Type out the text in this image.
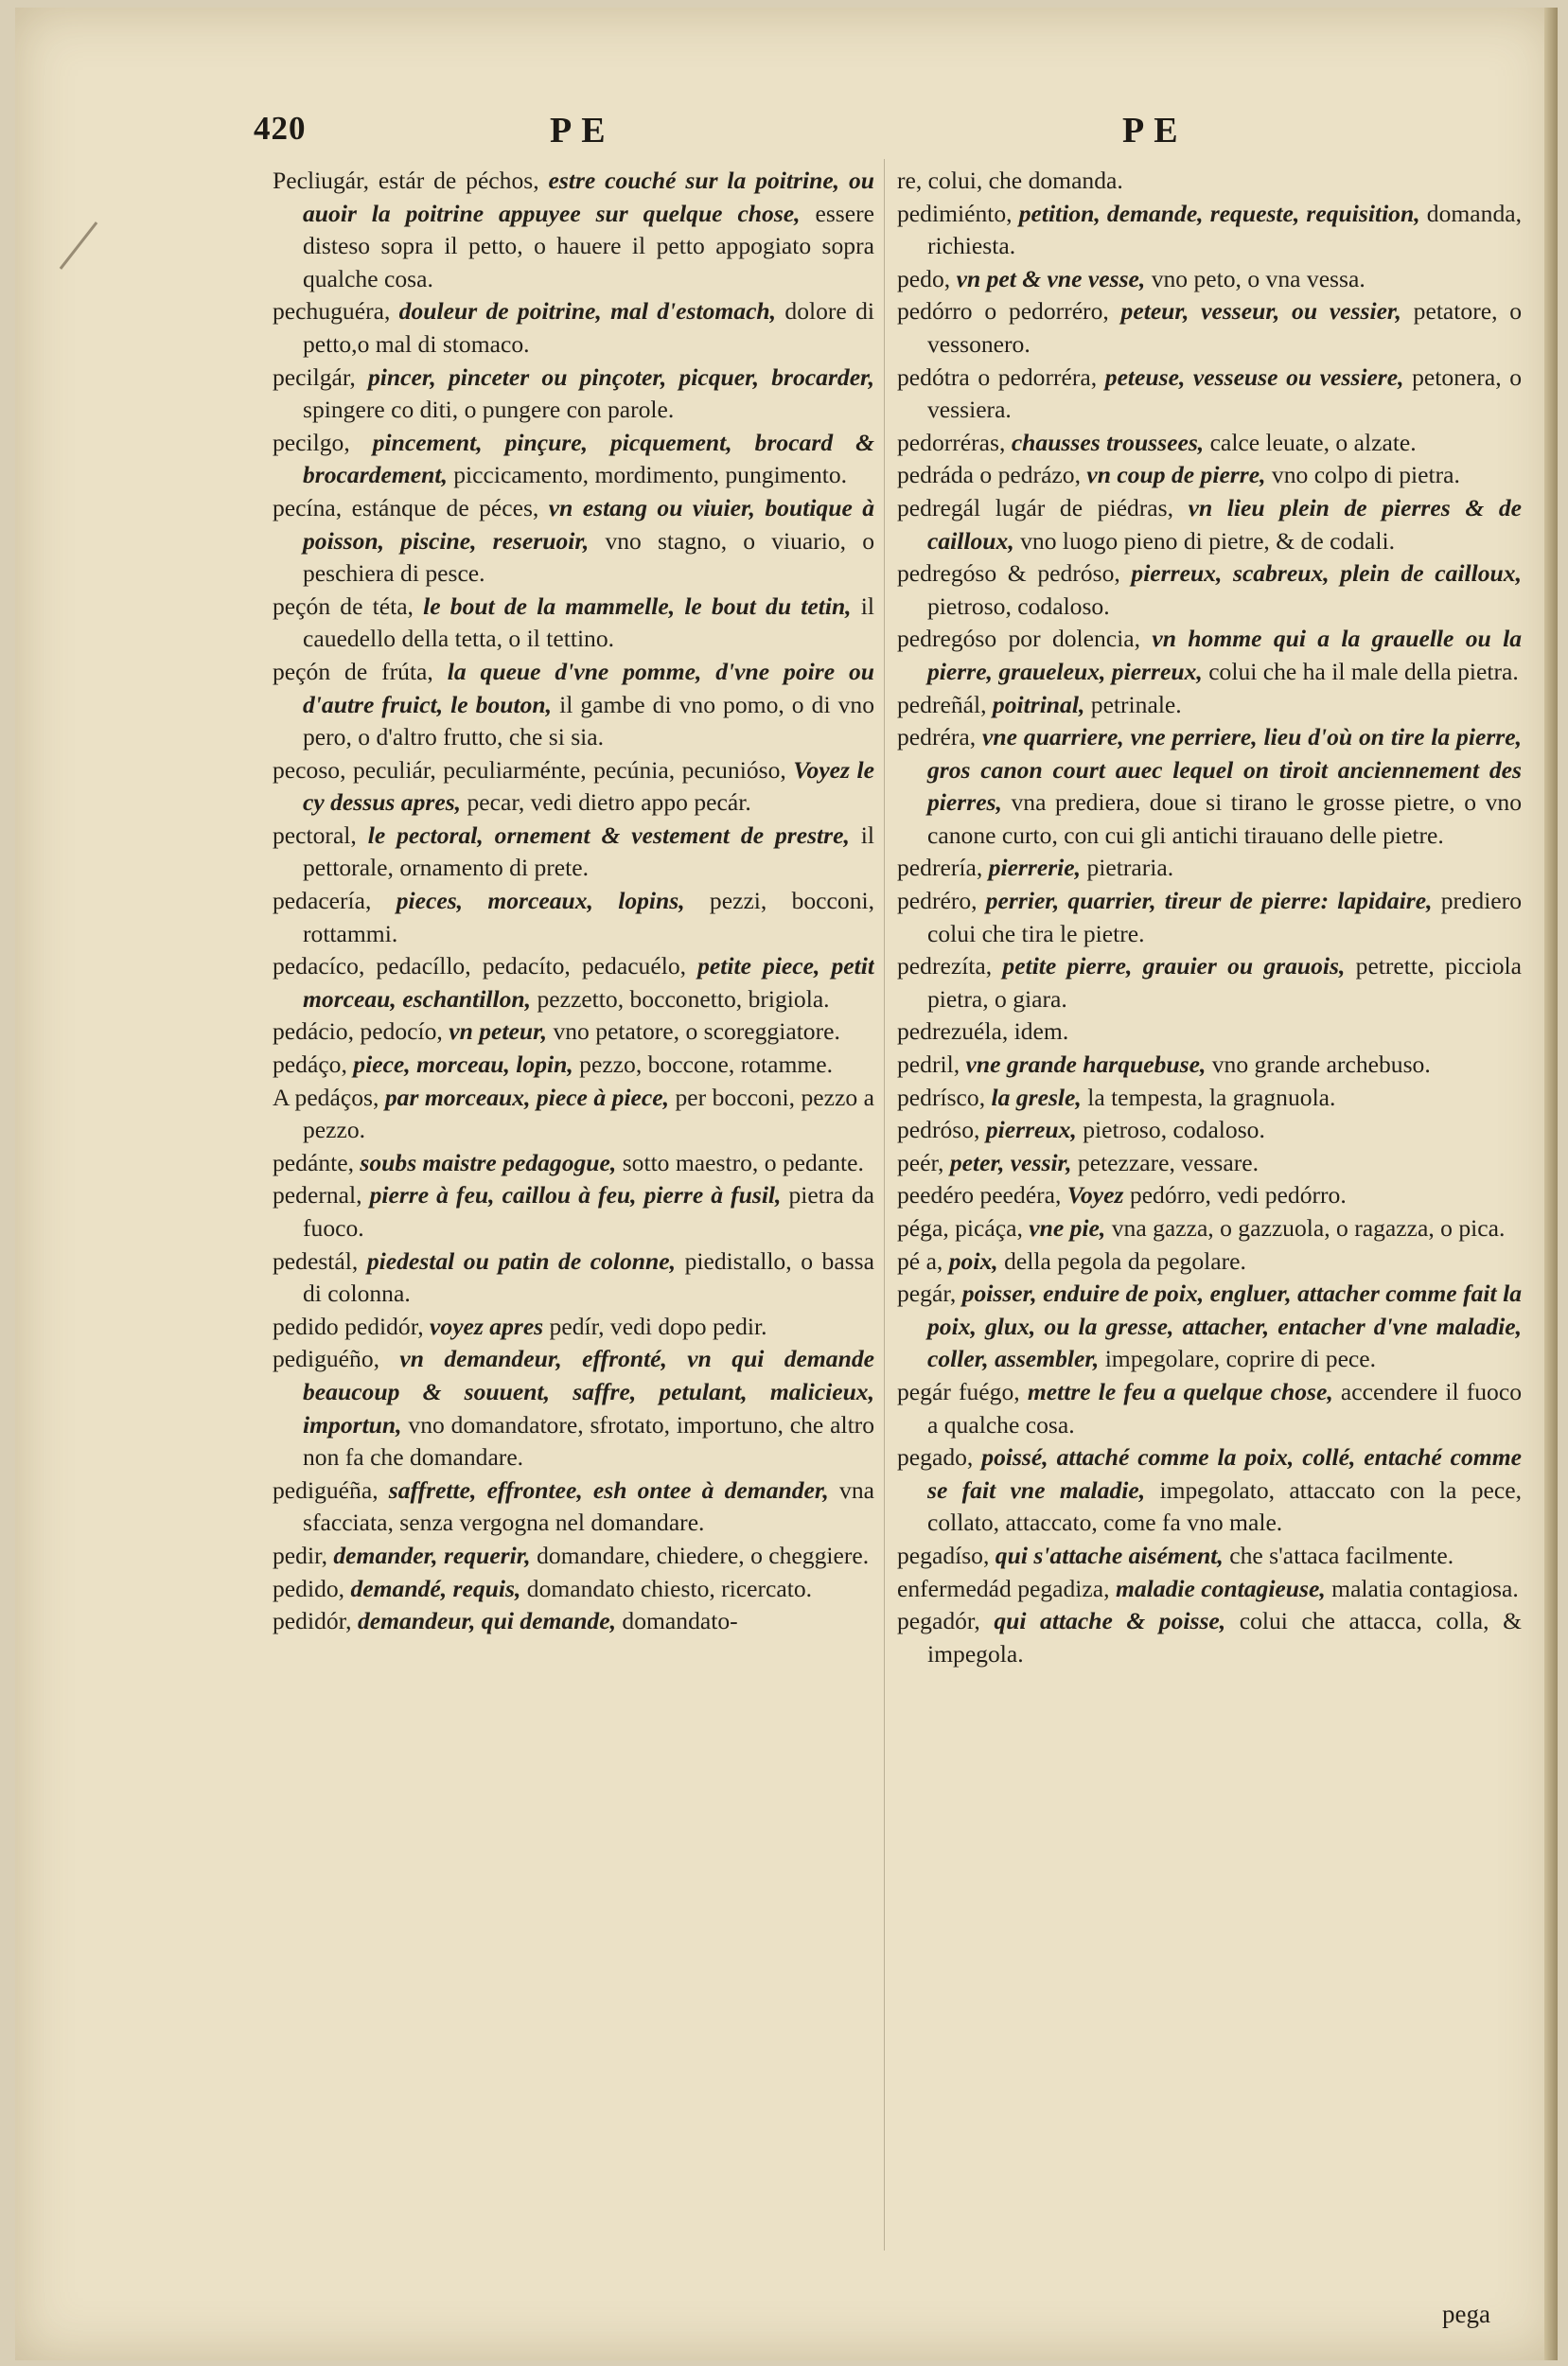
420	PE	PE

Pecliugár, estár de péchos, estre couché sur la poitrine, ou auoir la poitrine appuyee sur quelque chose, essere disteso sopra il petto, o hauere il petto appogiato sopra qualche cosa.

pechuguéra, douleur de poitrine, mal d'estomach, dolore di petto,o mal di stomaco.

pecilgár, pincer, pinceter ou pinçoter, picquer, brocarder, spingere co diti, o pungere con parole.

pecilgo, pincement, pinçure, picquement, brocard & brocardement, piccicamento, mordimento, pungimento.

pecína, estánque de péces, vn estang ou viuier, boutique à poisson, piscine, reseruoir, vno stagno, o viuario, o peschiera di pesce.

peçón de téta, le bout de la mammelle, le bout du tetin, il cauedello della tetta, o il tettino.

peçón de frúta, la queue d'vne pomme, d'vne poire ou d'autre fruict, le bouton, il gambe di vno pomo, o di vno pero, o d'altro frutto, che si sia.

pecoso, peculiár, peculiarménte, pecúnia, pecunióso, Voyez le cy dessus apres, pecar, vedi dietro appo pecár.

pectoral, le pectoral, ornement & vestement de prestre, il pettorale, ornamento di prete.

pedacería, pieces, morceaux, lopins, pezzi, bocconi, rottammi.

pedacíco, pedacíllo, pedacíto, pedacuélo, petite piece, petit morceau, eschantillon, pezzetto, bocconetto, brigiola.

pedácio, pedocío, vn peteur, vno petatore, o scoreggiatore.

pedáço, piece, morceau, lopin, pezzo, boccone, rotamme.

A pedáços, par morceaux, piece à piece, per bocconi, pezzo a pezzo.

pedánte, soubs maistre pedagogue, sotto maestro, o pedante.

pedernal, pierre à feu, caillou à feu, pierre à fusil, pietra da fuoco.

pedestál, piedestal ou patin de colonne, piedistallo, o bassa di colonna.

pedido pedidór, voyez apres pedír, vedi dopo pedir.

pediguéño, vn demandeur, effronté, vn qui demande beaucoup & souuent, saffre, petulant, malicieux, importun, vno domandatore, sfrotato, importuno, che altro non fa che domandare.

pediguéña, saffrette, effrontee, esh ontee à demander, vna sfacciata, senza vergogna nel domandare.

pedir, demander, requerir, domandare, chiedere, o cheggiere.

pedido, demandé, requis, domandato chiesto, ricercato.

pedidór, demandeur, qui demande, domandato-

re, colui, che domanda.

pedimiénto, petition, demande, requeste, requisition, domanda, richiesta.

pedo, vn pet & vne vesse, vno peto, o vna vessa.

pedórro o pedorréro, peteur, vesseur, ou vessier, petatore, o vessonero.

pedótra o pedorréra, peteuse, vesseuse ou vessiere, petonera, o vessiera.

pedorréras, chausses troussees, calce leuate, o alzate.

pedráda o pedrázo, vn coup de pierre, vno colpo di pietra.

pedregál lugár de piédras, vn lieu plein de pierres & de cailloux, vno luogo pieno di pietre, & de codali.

pedregóso & pedróso, pierreux, scabreux, plein de cailloux, pietroso, codaloso.

pedregóso por dolencia, vn homme qui a la grauelle ou la pierre, graueleux, pierreux, colui che ha il male della pietra.

pedreñál, poitrinal, petrinale.

pedréra, vne quarriere, vne perriere, lieu d'où on tire la pierre, gros canon court auec lequel on tiroit anciennement des pierres, vna prediera, doue si tirano le grosse pietre, o vno canone curto, con cui gli antichi tirauano delle pietre.

pedrería, pierrerie, pietraria.

pedréro, perrier, quarrier, tireur de pierre: lapidaire, prediero colui che tira le pietre.

pedrezíta, petite pierre, grauier ou grauois, petrette, picciola pietra, o giara.

pedrezuéla, idem.

pedril, vne grande harquebuse, vno grande archebuso.

pedrísco, la gresle, la tempesta, la gragnuola.

pedróso, pierreux, pietroso, codaloso.

peér, peter, vessir, petezzare, vessare.

peedéro peedéra, Voyez pedórro, vedi pedórro.

péga, picáça, vne pie, vna gazza, o gazzuola, o ragazza, o pica.

pé a, poix, della pegola da pegolare.

pegár, poisser, enduire de poix, engluer, attacher comme fait la poix, glux, ou la gresse, attacher, entacher d'vne maladie, coller, assembler, impegolare, coprire di pece.

pegár fuégo, mettre le feu a quelque chose, accendere il fuoco a qualche cosa.

pegado, poissé, attaché comme la poix, collé, entaché comme se fait vne maladie, impegolato, attaccato con la pece, collato, attaccato, come fa vno male.

pegadíso, qui s'attache aisément, che s'attaca facilmente.

enfermedád pegadiza, maladie contagieuse, malatia contagiosa.

pegadór, qui attache & poisse, colui che attacca, colla, & impegola.

pega
